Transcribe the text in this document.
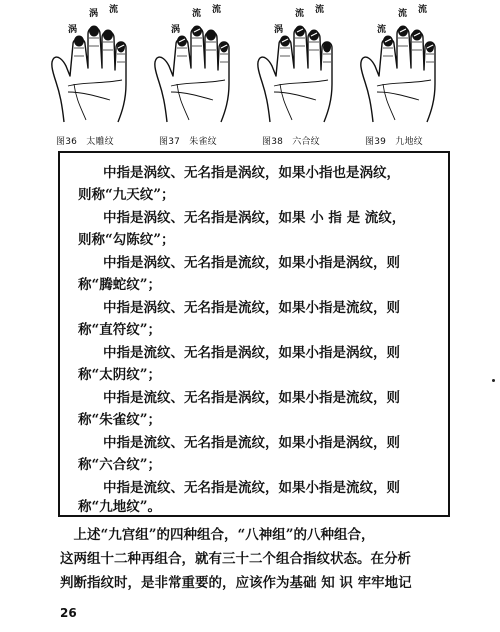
涡 流
涡
图36　太雕纹
流 流
涡
图37　朱雀纹
流 流
涡
图38　六合纹
流 流
流
图39　九地纹
中指是涡纹、无名指是涡纹，如果小指也是涡纹，
则称“九天纹”；
中指是涡纹、无名指是涡纹，如果 小 指 是 流纹，
则称“勾陈纹”；
中指是涡纹、无名指是流纹，如果小指是涡纹，则
称“腾蛇纹”；
中指是涡纹、无名指是流纹，如果小指是流纹，则
称“直符纹”；
中指是流纹、无名指是涡纹，如果小指是涡纹，则
称“太阴纹”；
中指是流纹、无名指是涡纹，如果小指是流纹，则
称“朱雀纹”；
中指是流纹、无名指是流纹，如果小指是涡纹，则
称“六合纹”；
中指是流纹、无名指是流纹，如果小指是流纹，则
称“九地纹”。
　上述“九宫组”的四种组合，“八神组”的八种组合，
这两组十二种再组合，就有三十二个组合指纹状态。在分析
判断指纹时，是非常重要的，应该作为基础 知 识 牢牢地记
26
